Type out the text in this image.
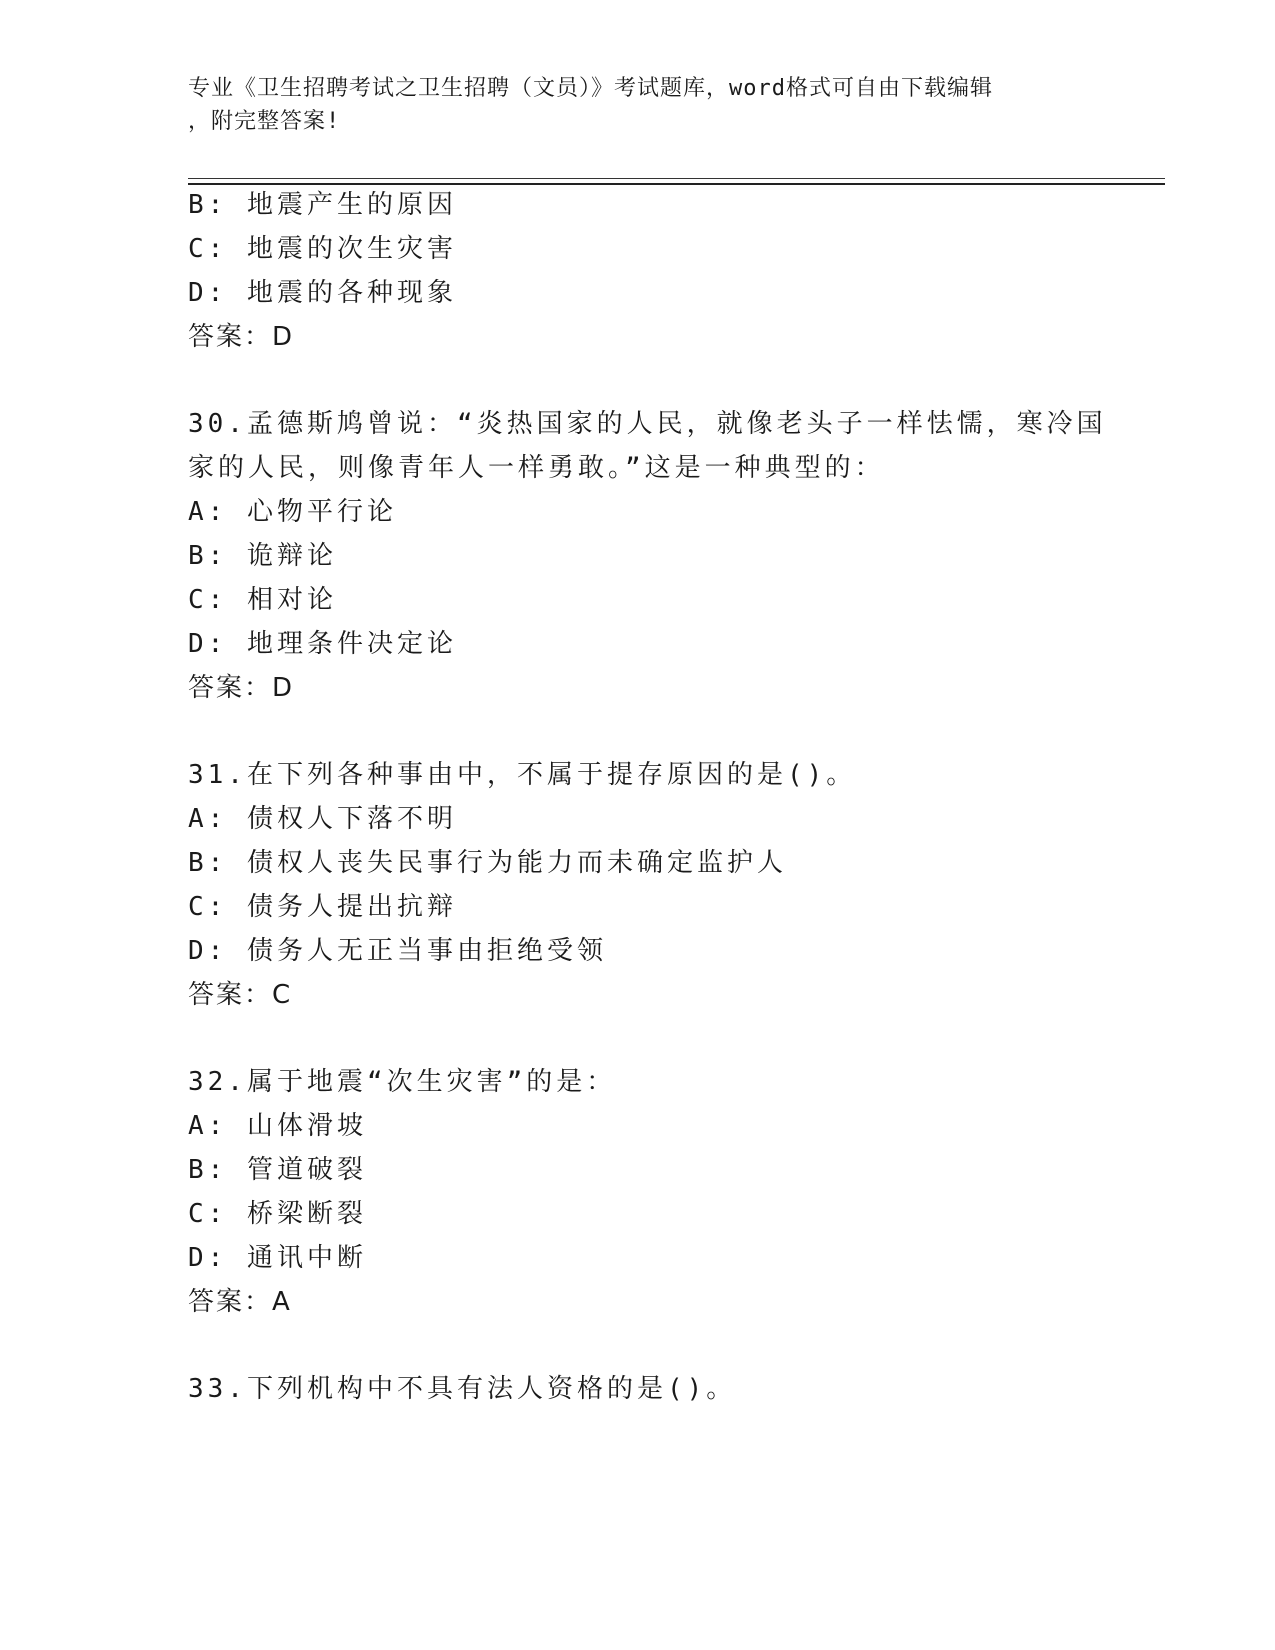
专业《卫生招聘考试之卫生招聘（文员）》考试题库，word格式可自由下载编辑
，附完整答案!
B: 地震产生的原因
C: 地震的次生灾害
D: 地震的各种现象
答案：D
30.孟德斯鸠曾说：“炎热国家的人民，就像老头子一样怯懦，寒冷国
家的人民，则像青年人一样勇敢。”这是一种典型的：
A: 心物平行论
B: 诡辩论
C: 相对论
D: 地理条件决定论
答案：D
31.在下列各种事由中，不属于提存原因的是()。
A: 债权人下落不明
B: 债权人丧失民事行为能力而未确定监护人
C: 债务人提出抗辩
D: 债务人无正当事由拒绝受领
答案：C
32.属于地震“次生灾害”的是：
A: 山体滑坡
B: 管道破裂
C: 桥梁断裂
D: 通讯中断
答案：A
33.下列机构中不具有法人资格的是()。
